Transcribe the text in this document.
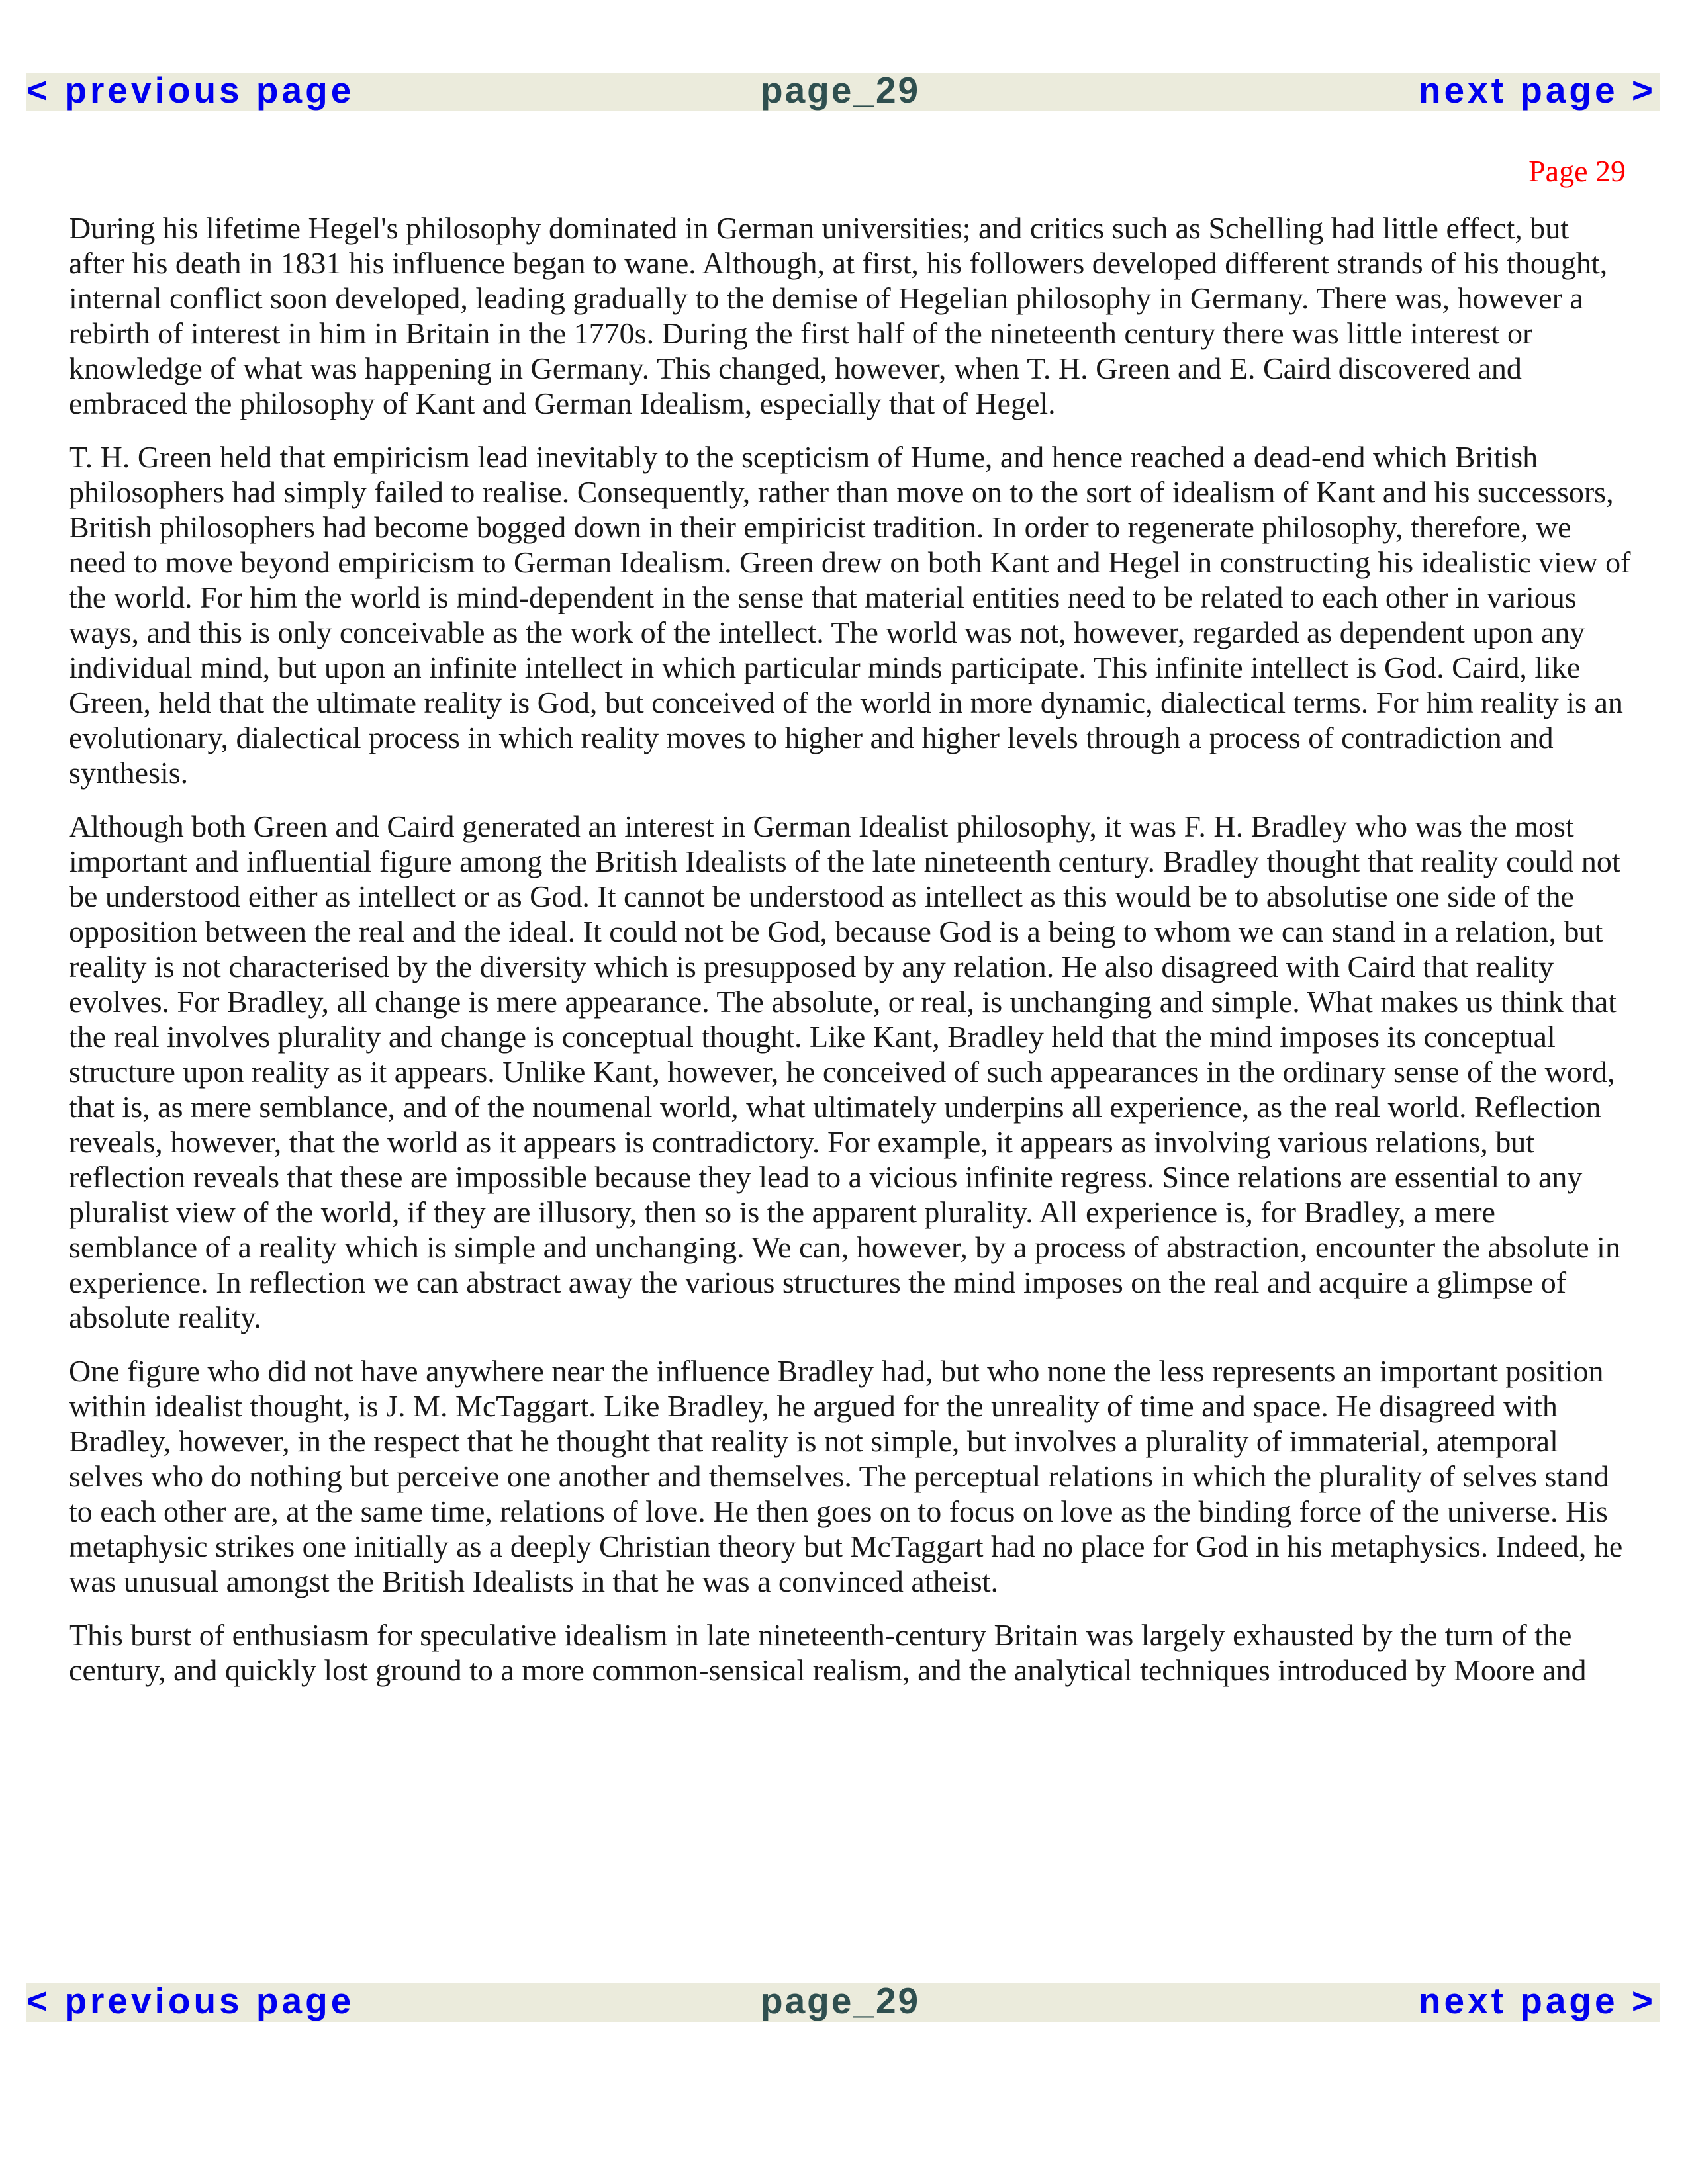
< previous page	page_29	next page >
Page 29

During his lifetime Hegel's philosophy dominated in German universities; and critics such as Schelling had little effect, but after his death in 1831 his influence began to wane. Although, at first, his followers developed different strands of his thought, internal conflict soon developed, leading gradually to the demise of Hegelian philosophy in Germany. There was, however a rebirth of interest in him in Britain in the 1770s. During the first half of the nineteenth century there was little interest or knowledge of what was happening in Germany. This changed, however, when T. H. Green and E. Caird discovered and embraced the philosophy of Kant and German Idealism, especially that of Hegel.

T. H. Green held that empiricism lead inevitably to the scepticism of Hume, and hence reached a dead-end which British philosophers had simply failed to realise. Consequently, rather than move on to the sort of idealism of Kant and his successors, British philosophers had become bogged down in their empiricist tradition. In order to regenerate philosophy, therefore, we need to move beyond empiricism to German Idealism. Green drew on both Kant and Hegel in constructing his idealistic view of the world. For him the world is mind-dependent in the sense that material entities need to be related to each other in various ways, and this is only conceivable as the work of the intellect. The world was not, however, regarded as dependent upon any individual mind, but upon an infinite intellect in which particular minds participate. This infinite intellect is God. Caird, like Green, held that the ultimate reality is God, but conceived of the world in more dynamic, dialectical terms. For him reality is an evolutionary, dialectical process in which reality moves to higher and higher levels through a process of contradiction and synthesis.

Although both Green and Caird generated an interest in German Idealist philosophy, it was F. H. Bradley who was the most important and influential figure among the British Idealists of the late nineteenth century. Bradley thought that reality could not be understood either as intellect or as God. It cannot be understood as intellect as this would be to absolutise one side of the opposition between the real and the ideal. It could not be God, because God is a being to whom we can stand in a relation, but reality is not characterised by the diversity which is presupposed by any relation. He also disagreed with Caird that reality evolves. For Bradley, all change is mere appearance. The absolute, or real, is unchanging and simple. What makes us think that the real involves plurality and change is conceptual thought. Like Kant, Bradley held that the mind imposes its conceptual structure upon reality as it appears. Unlike Kant, however, he conceived of such appearances in the ordinary sense of the word, that is, as mere semblance, and of the noumenal world, what ultimately underpins all experience, as the real world. Reflection reveals, however, that the world as it appears is contradictory. For example, it appears as involving various relations, but reflection reveals that these are impossible because they lead to a vicious infinite regress. Since relations are essential to any pluralist view of the world, if they are illusory, then so is the apparent plurality. All experience is, for Bradley, a mere semblance of a reality which is simple and unchanging. We can, however, by a process of abstraction, encounter the absolute in experience. In reflection we can abstract away the various structures the mind imposes on the real and acquire a glimpse of absolute reality.

One figure who did not have anywhere near the influence Bradley had, but who none the less represents an important position within idealist thought, is J. M. McTaggart. Like Bradley, he argued for the unreality of time and space. He disagreed with Bradley, however, in the respect that he thought that reality is not simple, but involves a plurality of immaterial, atemporal selves who do nothing but perceive one another and themselves. The perceptual relations in which the plurality of selves stand to each other are, at the same time, relations of love. He then goes on to focus on love as the binding force of the universe. His metaphysic strikes one initially as a deeply Christian theory but McTaggart had no place for God in his metaphysics. Indeed, he was unusual amongst the British Idealists in that he was a convinced atheist.

This burst of enthusiasm for speculative idealism in late nineteenth-century Britain was largely exhausted by the turn of the century, and quickly lost ground to a more common-sensical realism, and the analytical techniques introduced by Moore and

< previous page	page_29	next page >
